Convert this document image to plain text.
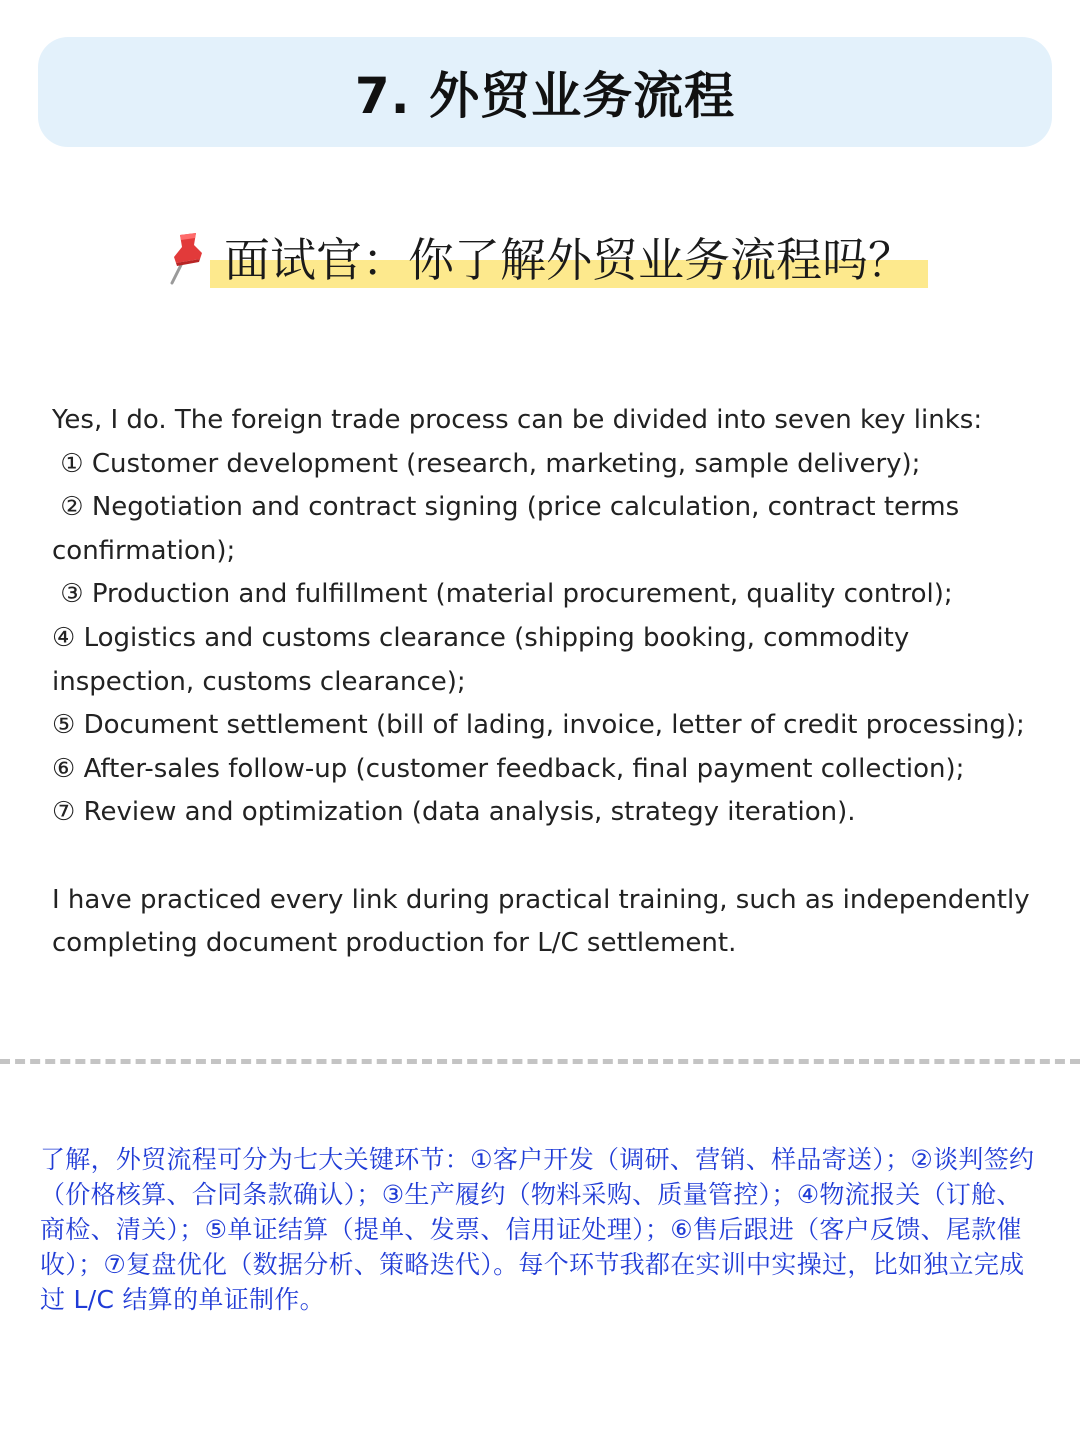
7. 外贸业务流程
面试官：你了解外贸业务流程吗？

Yes, I do. The foreign trade process can be divided into seven key links:

① Customer development (research, marketing, sample delivery);

② Negotiation and contract signing (price calculation, contract terms

confirmation);

③ Production and fulfillment (material procurement, quality control);

④ Logistics and customs clearance (shipping booking, commodity

inspection, customs clearance);

⑤ Document settlement (bill of lading, invoice, letter of credit processing);

⑥ After-sales follow-up (customer feedback, final payment collection);

⑦ Review and optimization (data analysis, strategy iteration).

I have practiced every link during practical training, such as independently

completing document production for L/C settlement.

了解，外贸流程可分为七大关键环节：①客户开发（调研、营销、样品寄送）；②谈判签约（价格核算、合同条款确认）；③生产履约（物料采购、质量管控）；④物流报关（订舱、商检、清关）；⑤单证结算（提单、发票、信用证处理）；⑥售后跟进（客户反馈、尾款催收）；⑦复盘优化（数据分析、策略迭代）。每个环节我都在实训中实操过，比如独立完成过 L/C 结算的单证制作。
